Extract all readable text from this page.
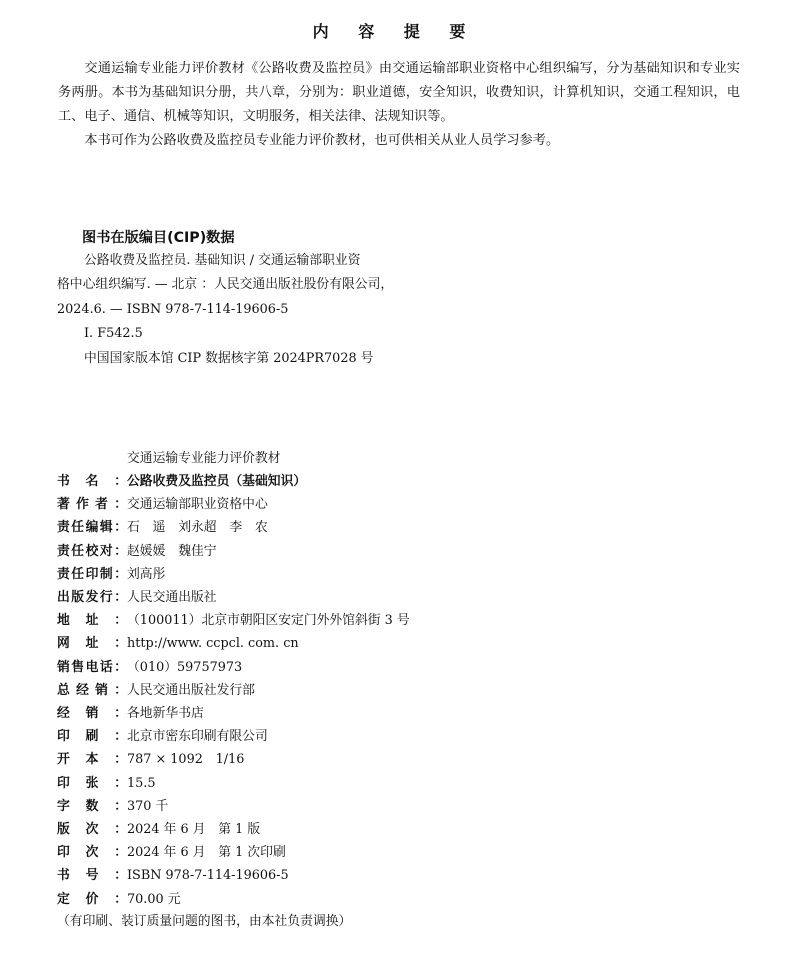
内 容 提 要

交通运输专业能力评价教材《公路收费及监控员》由交通运输部职业资格中心组织编写，分为基础知识和专业实务两册。本书为基础知识分册，共八章，分别为：职业道德，安全知识，收费知识，计算机知识，交通工程知识，电工、电子、通信、机械等知识，文明服务，相关法律、法规知识等。

本书可作为公路收费及监控员专业能力评价教材，也可供相关从业人员学习参考。

图书在版编目(CIP)数据
公路收费及监控员. 基础知识 / 交通运输部职业资
格中心组织编写. — 北京 ：人民交通出版社股份有限公司，
2024.6. — ISBN 978-7-114-19606-5
Ⅰ. F542.5
中国国家版本馆 CIP 数据核字第 2024PR7028 号
交通运输专业能力评价教材
书 名 ： 公路收费及监控员（基础知识）
著 作 者 ： 交通运输部职业资格中心
责 任 编 辑 ： 石　遥　刘永超　李　农
责 任 校 对 ： 赵媛媛　魏佳宁
责 任 印 制 ： 刘高彤
出 版 发 行 ： 人民交通出版社
地 址 ： （100011）北京市朝阳区安定门外外馆斜街 3 号
网 址 ： http://www. ccpcl. com. cn
销 售 电 话 ： （010）59757973
总 经 销 ： 人民交通出版社发行部
经 销 ： 各地新华书店
印 刷 ： 北京市密东印刷有限公司
开 本 ： 787 × 1092　1/16
印 张 ： 15.5
字 数 ： 370 千
版 次 ： 2024 年 6 月　第 1 版
印 次 ： 2024 年 6 月　第 1 次印刷
书 号 ： ISBN 978-7-114-19606-5
定 价 ： 70.00 元
（有印刷、装订质量问题的图书，由本社负责调换）
